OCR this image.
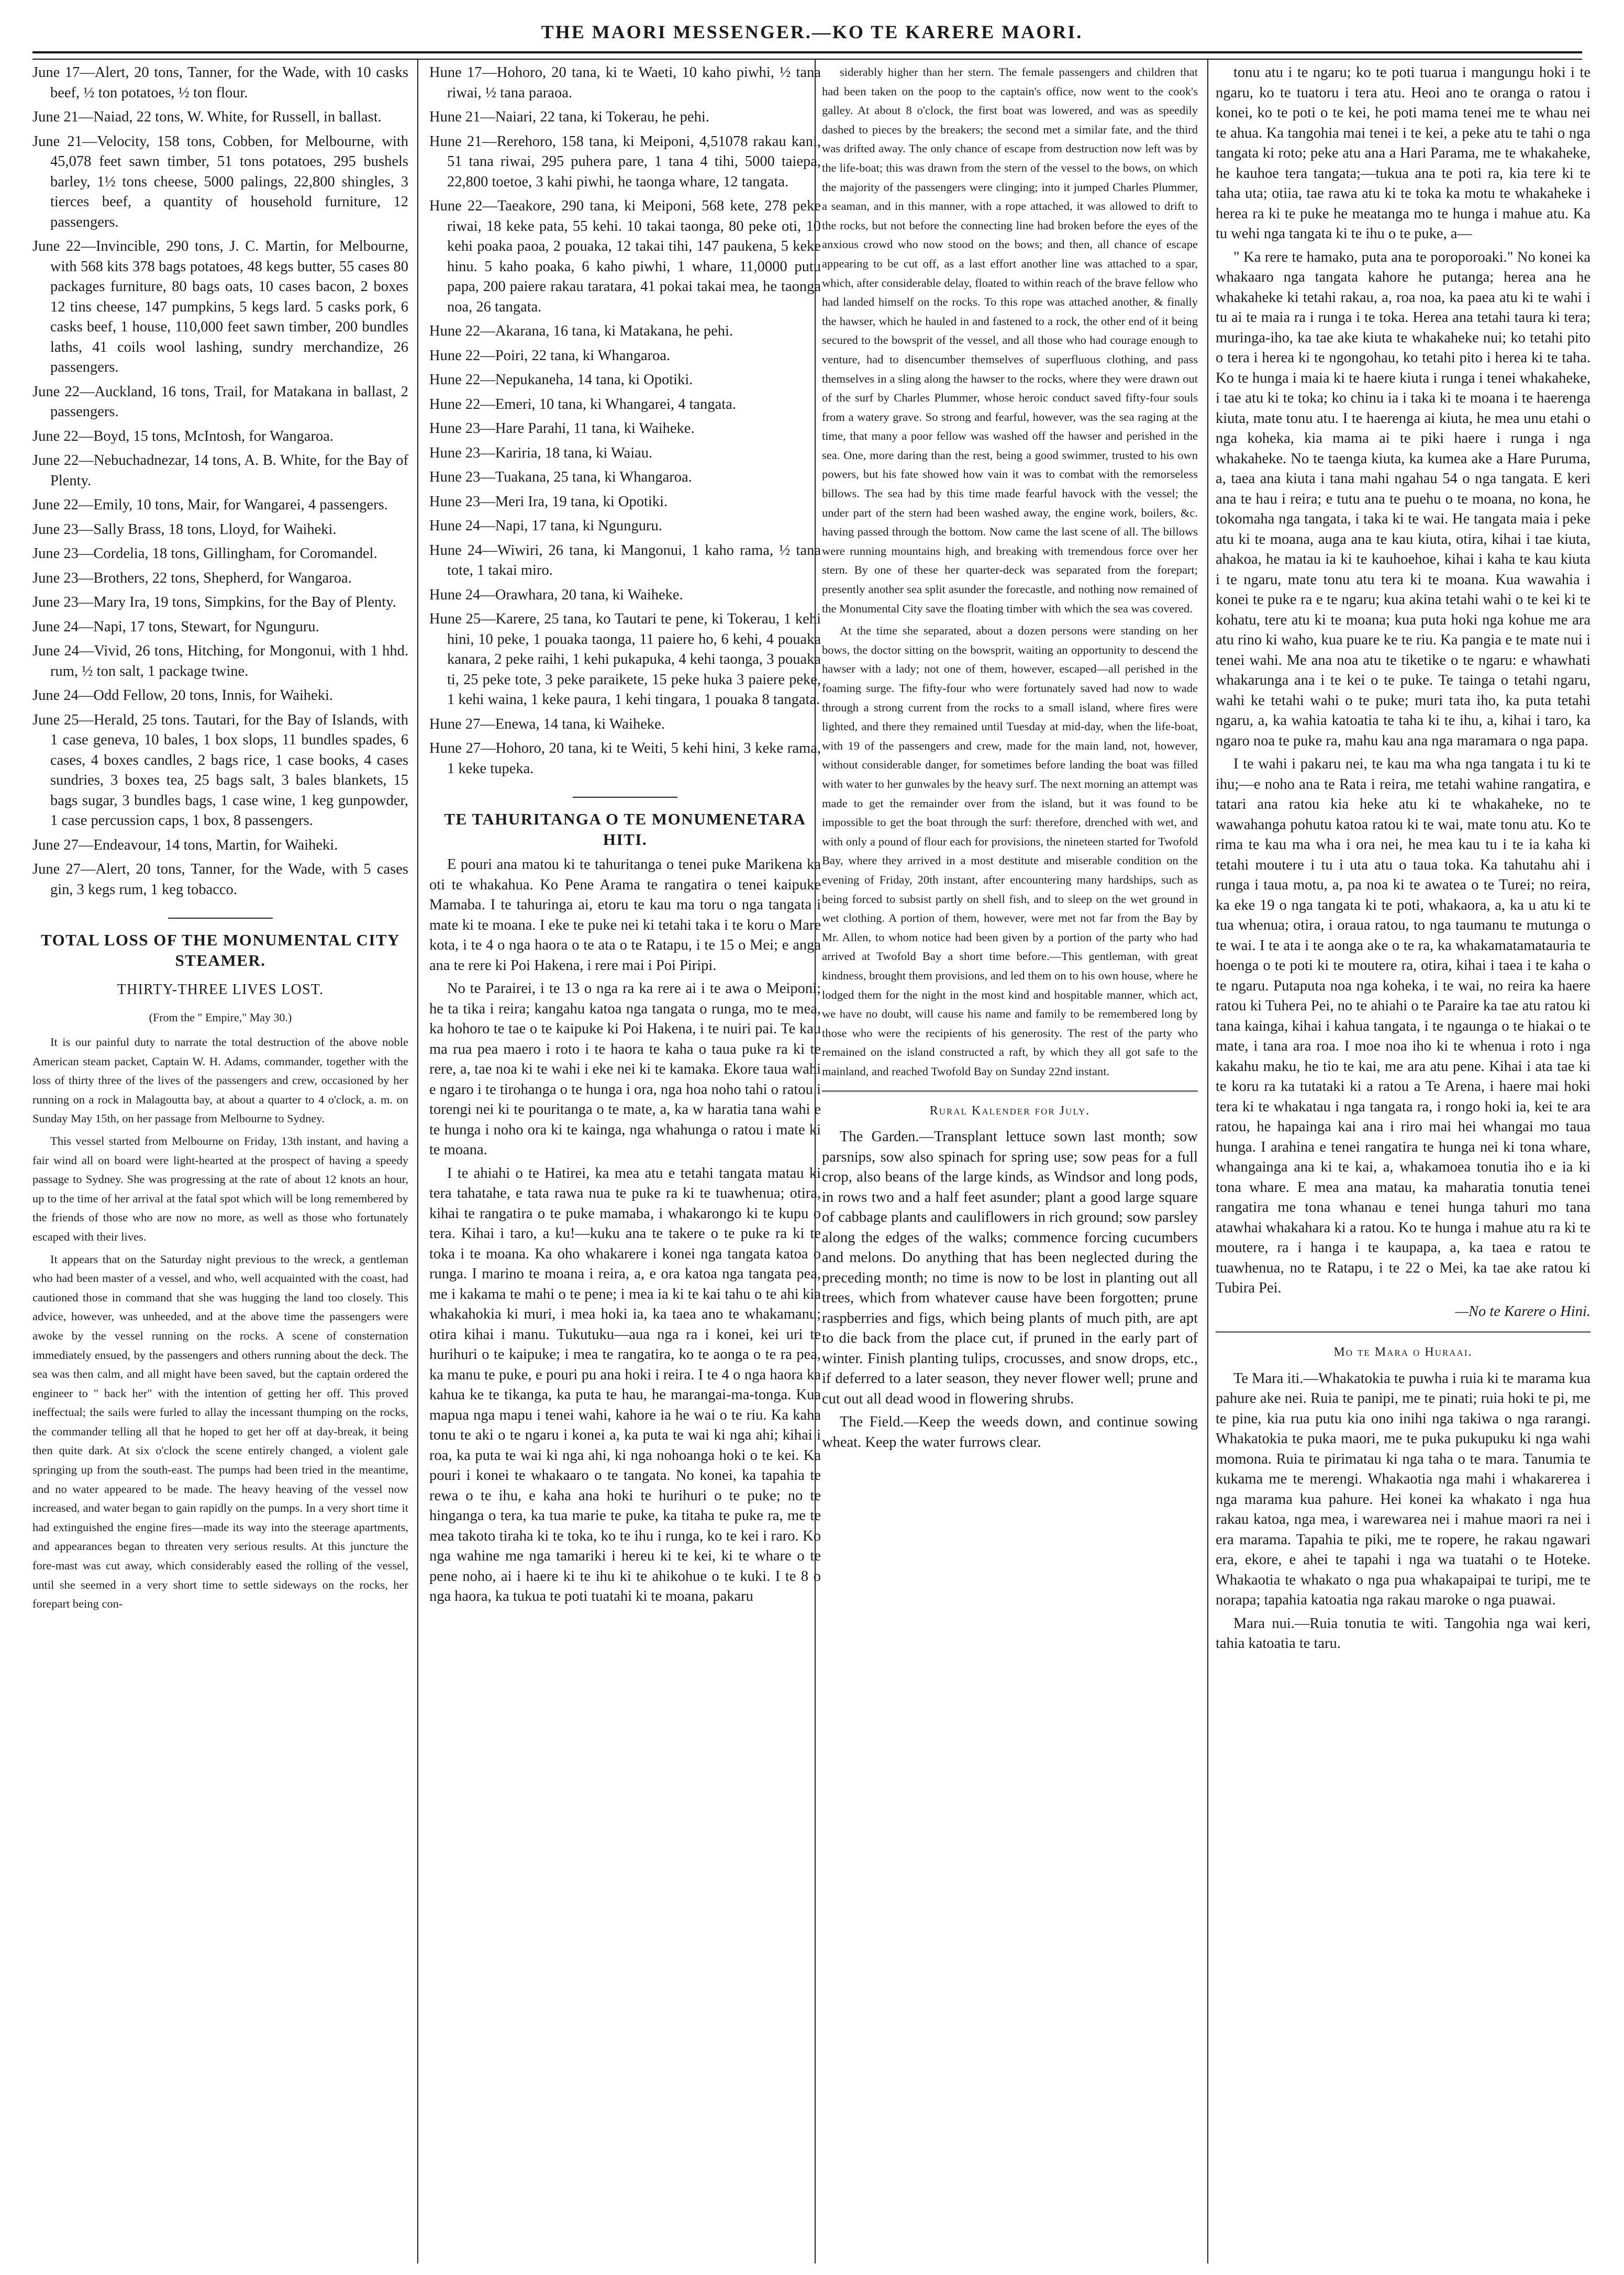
THE MAORI MESSENGER.—KO TE KARERE MAORI.

June 17—Alert, 20 tons, Tanner, for the Wade, with 10 casks beef, ½ ton potatoes, ½ ton flour.

June 21—Naiad, 22 tons, W. White, for Russell, in ballast.

June 21—Velocity, 158 tons, Cobben, for Melbourne, with 45,078 feet sawn timber, 51 tons potatoes, 295 bushels barley, 1½ tons cheese, 5000 palings, 22,800 shingles, 3 tierces beef, a quantity of household furniture, 12 passengers.

June 22—Invincible, 290 tons, J. C. Martin, for Melbourne, with 568 kits 378 bags potatoes, 48 kegs butter, 55 cases 80 packages furniture, 80 bags oats, 10 cases bacon, 2 boxes 12 tins cheese, 147 pumpkins, 5 kegs lard. 5 casks pork, 6 casks beef, 1 house, 110,000 feet sawn timber, 200 bundles laths, 41 coils wool lashing, sundry merchandize, 26 passengers.

June 22—Auckland, 16 tons, Trail, for Matakana in ballast, 2 passengers.

June 22—Boyd, 15 tons, McIntosh, for Wangaroa.

June 22—Nebuchadnezar, 14 tons, A. B. White, for the Bay of Plenty.

June 22—Emily, 10 tons, Mair, for Wangarei, 4 passengers.

June 23—Sally Brass, 18 tons, Lloyd, for Waiheki.

June 23—Cordelia, 18 tons, Gillingham, for Coromandel.

June 23—Brothers, 22 tons, Shepherd, for Wangaroa.

June 23—Mary Ira, 19 tons, Simpkins, for the Bay of Plenty.

June 24—Napi, 17 tons, Stewart, for Ngunguru.

June 24—Vivid, 26 tons, Hitching, for Mongonui, with 1 hhd. rum, ½ ton salt, 1 package twine.

June 24—Odd Fellow, 20 tons, Innis, for Waiheki.

June 25—Herald, 25 tons. Tautari, for the Bay of Islands, with 1 case geneva, 10 bales, 1 box slops, 11 bundles spades, 6 cases, 4 boxes candles, 2 bags rice, 1 case books, 4 cases sundries, 3 boxes tea, 25 bags salt, 3 bales blankets, 15 bags sugar, 3 bundles bags, 1 case wine, 1 keg gunpowder, 1 case percussion caps, 1 box, 8 passengers.

June 27—Endeavour, 14 tons, Martin, for Waiheki.

June 27—Alert, 20 tons, Tanner, for the Wade, with 5 cases gin, 3 kegs rum, 1 keg tobacco.

TOTAL LOSS OF THE MONUMENTAL CITY STEAMER.
THIRTY-THREE LIVES LOST.
(From the " Empire," May 30.)

It is our painful duty to narrate the total destruction of the above noble American steam packet, Captain W. H. Adams, commander, together with the loss of thirty three of the lives of the passengers and crew, occasioned by her running on a rock in Malagoutta bay, at about a quarter to 4 o'clock, a. m. on Sunday May 15th, on her passage from Melbourne to Sydney.

This vessel started from Melbourne on Friday, 13th instant, and having a fair wind all on board were light-hearted at the prospect of having a speedy passage to Sydney. She was progressing at the rate of about 12 knots an hour, up to the time of her arrival at the fatal spot which will be long remembered by the friends of those who are now no more, as well as those who fortunately escaped with their lives.

It appears that on the Saturday night previous to the wreck, a gentleman who had been master of a vessel, and who, well acquainted with the coast, had cautioned those in command that she was hugging the land too closely. This advice, however, was unheeded, and at the above time the passengers were awoke by the vessel running on the rocks. A scene of consternation immediately ensued, by the passengers and others running about the deck. The sea was then calm, and all might have been saved, but the captain ordered the engineer to " back her" with the intention of getting her off. This proved ineffectual; the sails were furled to allay the incessant thumping on the rocks, the commander telling all that he hoped to get her off at day-break, it being then quite dark. At six o'clock the scene entirely changed, a violent gale springing up from the south-east. The pumps had been tried in the meantime, and no water appeared to be made. The heavy heaving of the vessel now increased, and water began to gain rapidly on the pumps. In a very short time it had extinguished the engine fires—made its way into the steerage apartments, and appearances began to threaten very serious results. At this juncture the fore-mast was cut away, which considerably eased the rolling of the vessel, until she seemed in a very short time to settle sideways on the rocks, her forepart being con-

Hune 17—Hohoro, 20 tana, ki te Waeti, 10 kaho piwhi, ½ tana riwai, ½ tana paraoa.

Hune 21—Naiari, 22 tana, ki Tokerau, he pehi.

Hune 21—Rerehoro, 158 tana, ki Meiponi, 4,51078 rakau kani, 51 tana riwai, 295 puhera pare, 1 tana 4 tihi, 5000 taiepa, 22,800 toetoe, 3 kahi piwhi, he taonga whare, 12 tangata.

Hune 22—Taeakore, 290 tana, ki Meiponi, 568 kete, 278 peke riwai, 18 keke pata, 55 kehi. 10 takai taonga, 80 peke oti, 10 kehi poaka paoa, 2 pouaka, 12 takai tihi, 147 paukena, 5 keke hinu. 5 kaho poaka, 6 kaho piwhi, 1 whare, 11,0000 putu papa, 200 paiere rakau taratara, 41 pokai takai mea, he taonga noa, 26 tangata.

Hune 22—Akarana, 16 tana, ki Matakana, he pehi.

Hune 22—Poiri, 22 tana, ki Whangaroa.

Hune 22—Nepukaneha, 14 tana, ki Opotiki.

Hune 22—Emeri, 10 tana, ki Whangarei, 4 tangata.

Hune 23—Hare Parahi, 11 tana, ki Waiheke.

Hune 23—Kariria, 18 tana, ki Waiau.

Hune 23—Tuakana, 25 tana, ki Whangaroa.

Hune 23—Meri Ira, 19 tana, ki Opotiki.

Hune 24—Napi, 17 tana, ki Ngunguru.

Hune 24—Wiwiri, 26 tana, ki Mangonui, 1 kaho rama, ½ tana tote, 1 takai miro.

Hune 24—Orawhara, 20 tana, ki Waiheke.

Hune 25—Karere, 25 tana, ko Tautari te pene, ki Tokerau, 1 kehi hini, 10 peke, 1 pouaka taonga, 11 paiere ho, 6 kehi, 4 pouaka kanara, 2 peke raihi, 1 kehi pukapuka, 4 kehi taonga, 3 pouaka ti, 25 peke tote, 3 peke paraikete, 15 peke huka 3 paiere peke, 1 kehi waina, 1 keke paura, 1 kehi tingara, 1 pouaka 8 tangata.

Hune 27—Enewa, 14 tana, ki Waiheke.

Hune 27—Hohoro, 20 tana, ki te Weiti, 5 kehi hini, 3 keke rama, 1 keke tupeka.

TE TAHURITANGA O TE MONUMENETARA HITI.

E pouri ana matou ki te tahuritanga o tenei puke Marikena ka oti te whakahua. Ko Pene Arama te rangatira o tenei kaipuke Mamaba. I te tahuringa ai, etoru te kau ma toru o nga tangata i mate ki te moana. I eke te puke nei ki tetahi taka i te koru o Mare kota, i te 4 o nga haora o te ata o te Ratapu, i te 15 o Mei; e anga ana te rere ki Poi Hakena, i rere mai i Poi Piripi.

No te Parairei, i te 13 o nga ra ka rere ai i te awa o Meiponi; he ta tika i reira; kangahu katoa nga tangata o runga, mo te mea, ka hohoro te tae o te kaipuke ki Poi Hakena, i te nuiri pai. Te kau ma rua pea maero i roto i te haora te kaha o taua puke ra ki te rere, a, tae noa ki te wahi i eke nei ki te kamaka. Ekore taua wahi e ngaro i te tirohanga o te hunga i ora, nga hoa noho tahi o ratou i torengi nei ki te pouritanga o te mate, a, ka w haratia tana wahi e te hunga i noho ora ki te kainga, nga whahunga o ratou i mate ki te moana.

I te ahiahi o te Hatirei, ka mea atu e tetahi tangata matau ki tera tahatahe, e tata rawa nua te puke ra ki te tuawhenua; otira, kihai te rangatira o te puke mamaba, i whakarongo ki te kupu o tera. Kihai i taro, a ku!—kuku ana te takere o te puke ra ki te toka i te moana. Ka oho whakarere i konei nga tangata katoa o runga. I marino te moana i reira, a, e ora katoa nga tangata pea, me i kakama te mahi o te pene; i mea ia ki te kai tahu o te ahi kia whakahokia ki muri, i mea hoki ia, ka taea ano te whakamanu; otira kihai i manu. Tukutuku—aua nga ra i konei, kei uri te hurihuri o te kaipuke; i mea te rangatira, ko te aonga o te ra pea, ka manu te puke, e pouri pu ana hoki i reira. I te 4 o nga haora ka kahua ke te tikanga, ka puta te hau, he marangai-ma-tonga. Kua mapua nga mapu i tenei wahi, kahore ia he wai o te riu. Ka kaha tonu te aki o te ngaru i konei a, ka puta te wai ki nga ahi; kihai i roa, ka puta te wai ki nga ahi, ki nga nohoanga hoki o te kei. Ka pouri i konei te whakaaro o te tangata. No konei, ka tapahia te rewa o te ihu, e kaha ana hoki te hurihuri o te puke; no te hinganga o tera, ka tua marie te puke, ka titaha te puke ra, me te mea takoto tiraha ki te toka, ko te ihu i runga, ko te kei i raro. Ko nga wahine me nga tamariki i hereu ki te kei, ki te whare o te pene noho, ai i haere ki te ihu ki te ahikohue o te kuki. I te 8 o nga haora, ka tukua te poti tuatahi ki te moana, pakaru

siderably higher than her stern. The female passengers and children that had been taken on the poop to the captain's office, now went to the cook's galley. At about 8 o'clock, the first boat was lowered, and was as speedily dashed to pieces by the breakers; the second met a similar fate, and the third was drifted away. The only chance of escape from destruction now left was by the life-boat; this was drawn from the stern of the vessel to the bows, on which the majority of the passengers were clinging; into it jumped Charles Plummer, a seaman, and in this manner, with a rope attached, it was allowed to drift to the rocks, but not before the connecting line had broken before the eyes of the anxious crowd who now stood on the bows; and then, all chance of escape appearing to be cut off, as a last effort another line was attached to a spar, which, after considerable delay, floated to within reach of the brave fellow who had landed himself on the rocks. To this rope was attached another, & finally the hawser, which he hauled in and fastened to a rock, the other end of it being secured to the bowsprit of the vessel, and all those who had courage enough to venture, had to disencumber themselves of superfluous clothing, and pass themselves in a sling along the hawser to the rocks, where they were drawn out of the surf by Charles Plummer, whose heroic conduct saved fifty-four souls from a watery grave. So strong and fearful, however, was the sea raging at the time, that many a poor fellow was washed off the hawser and perished in the sea. One, more daring than the rest, being a good swimmer, trusted to his own powers, but his fate showed how vain it was to combat with the remorseless billows. The sea had by this time made fearful havock with the vessel; the under part of the stern had been washed away, the engine work, boilers, &c. having passed through the bottom. Now came the last scene of all. The billows were running mountains high, and breaking with tremendous force over her stern. By one of these her quarter-deck was separated from the forepart; presently another sea split asunder the forecastle, and nothing now remained of the Monumental City save the floating timber with which the sea was covered.

At the time she separated, about a dozen persons were standing on her bows, the doctor sitting on the bowsprit, waiting an opportunity to descend the hawser with a lady; not one of them, however, escaped—all perished in the foaming surge. The fifty-four who were fortunately saved had now to wade through a strong current from the rocks to a small island, where fires were lighted, and there they remained until Tuesday at mid-day, when the life-boat, with 19 of the passengers and crew, made for the main land, not, however, without considerable danger, for sometimes before landing the boat was filled with water to her gunwales by the heavy surf. The next morning an attempt was made to get the remainder over from the island, but it was found to be impossible to get the boat through the surf: therefore, drenched with wet, and with only a pound of flour each for provisions, the nineteen started for Twofold Bay, where they arrived in a most destitute and miserable condition on the evening of Friday, 20th instant, after encountering many hardships, such as being forced to subsist partly on shell fish, and to sleep on the wet ground in wet clothing. A portion of them, however, were met not far from the Bay by Mr. Allen, to whom notice had been given by a portion of the party who had arrived at Twofold Bay a short time before.—This gentleman, with great kindness, brought them provisions, and led them on to his own house, where he lodged them for the night in the most kind and hospitable manner, which act, we have no doubt, will cause his name and family to be remembered long by those who were the recipients of his generosity. The rest of the party who remained on the island constructed a raft, by which they all got safe to the mainland, and reached Twofold Bay on Sunday 22nd instant.

Rural Kalender for July.

The Garden.—Transplant lettuce sown last month; sow parsnips, sow also spinach for spring use; sow peas for a full crop, also beans of the large kinds, as Windsor and long pods, in rows two and a half feet asunder; plant a good large square of cabbage plants and cauliflowers in rich ground; sow parsley along the edges of the walks; commence forcing cucumbers and melons. Do anything that has been neglected during the preceding month; no time is now to be lost in planting out all trees, which from whatever cause have been forgotten; prune raspberries and figs, which being plants of much pith, are apt to die back from the place cut, if pruned in the early part of winter. Finish planting tulips, crocusses, and snow drops, etc., if deferred to a later season, they never flower well; prune and cut out all dead wood in flowering shrubs.

The Field.—Keep the weeds down, and continue sowing wheat. Keep the water furrows clear.

tonu atu i te ngaru; ko te poti tuarua i mangungu hoki i te ngaru, ko te tuatoru i tera atu. Heoi ano te oranga o ratou i konei, ko te poti o te kei, he poti mama tenei me te whau nei te ahua. Ka tangohia mai tenei i te kei, a peke atu te tahi o nga tangata ki roto; peke atu ana a Hari Parama, me te whakaheke, he kauhoe tera tangata;—tukua ana te poti ra, kia tere ki te taha uta; otiia, tae rawa atu ki te toka ka motu te whakaheke i herea ra ki te puke he meatanga mo te hunga i mahue atu. Ka tu wehi nga tangata ki te ihu o te puke, a—

" Ka rere te hamako, puta ana te poroporoaki." No konei ka whakaaro nga tangata kahore he putanga; herea ana he whakaheke ki tetahi rakau, a, roa noa, ka paea atu ki te wahi i tu ai te maia ra i runga i te toka. Herea ana tetahi taura ki tera; muringa-iho, ka tae ake kiuta te whakaheke nui; ko tetahi pito o tera i herea ki te ngongohau, ko tetahi pito i herea ki te taha. Ko te hunga i maia ki te haere kiuta i runga i tenei whakaheke, i tae atu ki te toka; ko chinu ia i taka ki te moana i te haerenga kiuta, mate tonu atu. I te haerenga ai kiuta, he mea unu etahi o nga koheka, kia mama ai te piki haere i runga i nga whakaheke. No te taenga kiuta, ka kumea ake a Hare Puruma, a, taea ana kiuta i tana mahi ngahau 54 o nga tangata. E keri ana te hau i reira; e tutu ana te puehu o te moana, no kona, he tokomaha nga tangata, i taka ki te wai. He tangata maia i peke atu ki te moana, auga ana te kau kiuta, otira, kihai i tae kiuta, ahakoa, he matau ia ki te kauhoehoe, kihai i kaha te kau kiuta i te ngaru, mate tonu atu tera ki te moana. Kua wawahia i konei te puke ra e te ngaru; kua akina tetahi wahi o te kei ki te kohatu, tere atu ki te moana; kua puta hoki nga kohue me ara atu rino ki waho, kua puare ke te riu. Ka pangia e te mate nui i tenei wahi. Me ana noa atu te tiketike o te ngaru: e whawhati whakarunga ana i te kei o te puke. Te tainga o tetahi ngaru, wahi ke tetahi wahi o te puke; muri tata iho, ka puta tetahi ngaru, a, ka wahia katoatia te taha ki te ihu, a, kihai i taro, ka ngaro noa te puke ra, mahu kau ana nga maramara o nga papa.

I te wahi i pakaru nei, te kau ma wha nga tangata i tu ki te ihu;—e noho ana te Rata i reira, me tetahi wahine rangatira, e tatari ana ratou kia heke atu ki te whakaheke, no te wawahanga pohutu katoa ratou ki te wai, mate tonu atu. Ko te rima te kau ma wha i ora nei, he mea kau tu i te ia kaha ki tetahi moutere i tu i uta atu o taua toka. Ka tahutahu ahi i runga i taua motu, a, pa noa ki te awatea o te Turei; no reira, ka eke 19 o nga tangata ki te poti, whakaora, a, ka u atu ki te tua whenua; otira, i oraua ratou, to nga taumanu te mutunga o te wai. I te ata i te aonga ake o te ra, ka whakamatamatauria te hoenga o te poti ki te moutere ra, otira, kihai i taea i te kaha o te ngaru. Putaputa noa nga koheka, i te wai, no reira ka haere ratou ki Tuhera Pei, no te ahiahi o te Paraire ka tae atu ratou ki tana kainga, kihai i kahua tangata, i te ngaunga o te hiakai o te mate, i tana ara roa. I moe noa iho ki te whenua i roto i nga kakahu maku, he tio te kai, me ara atu pene. Kihai i ata tae ki te koru ra ka tutataki ki a ratou a Te Arena, i haere mai hoki tera ki te whakatau i nga tangata ra, i rongo hoki ia, kei te ara ratou, he hapainga kai ana i riro mai hei whangai mo taua hunga. I arahina e tenei rangatira te hunga nei ki tona whare, whangainga ana ki te kai, a, whakamoea tonutia iho e ia ki tona whare. E mea ana matau, ka maharatia tonutia tenei rangatira me tona whanau e tenei hunga tahuri mo tana atawhai whakahara ki a ratou. Ko te hunga i mahue atu ra ki te moutere, ra i hanga i te kaupapa, a, ka taea e ratou te tuawhenua, no te Ratapu, i te 22 o Mei, ka tae ake ratou ki Tubira Pei.

—No te Karere o Hini.
Mo te Mara o Huraai.

Te Mara iti.—Whakatokia te puwha i ruia ki te marama kua pahure ake nei. Ruia te panipi, me te pinati; ruia hoki te pi, me te pine, kia rua putu kia ono inihi nga takiwa o nga rarangi. Whakatokia te puka maori, me te puka pukupuku ki nga wahi momona. Ruia te pirimatau ki nga taha o te mara. Tanumia te kukama me te merengi. Whakaotia nga mahi i whakarerea i nga marama kua pahure. Hei konei ka whakato i nga hua rakau katoa, nga mea, i warewarea nei i mahue maori ra nei i era marama. Tapahia te piki, me te ropere, he rakau ngawari era, ekore, e ahei te tapahi i nga wa tuatahi o te Hoteke. Whakaotia te whakato o nga pua whakapaipai te turipi, me te norapa; tapahia katoatia nga rakau maroke o nga puawai.

Mara nui.—Ruia tonutia te witi. Tangohia nga wai keri, tahia katoatia te taru.
